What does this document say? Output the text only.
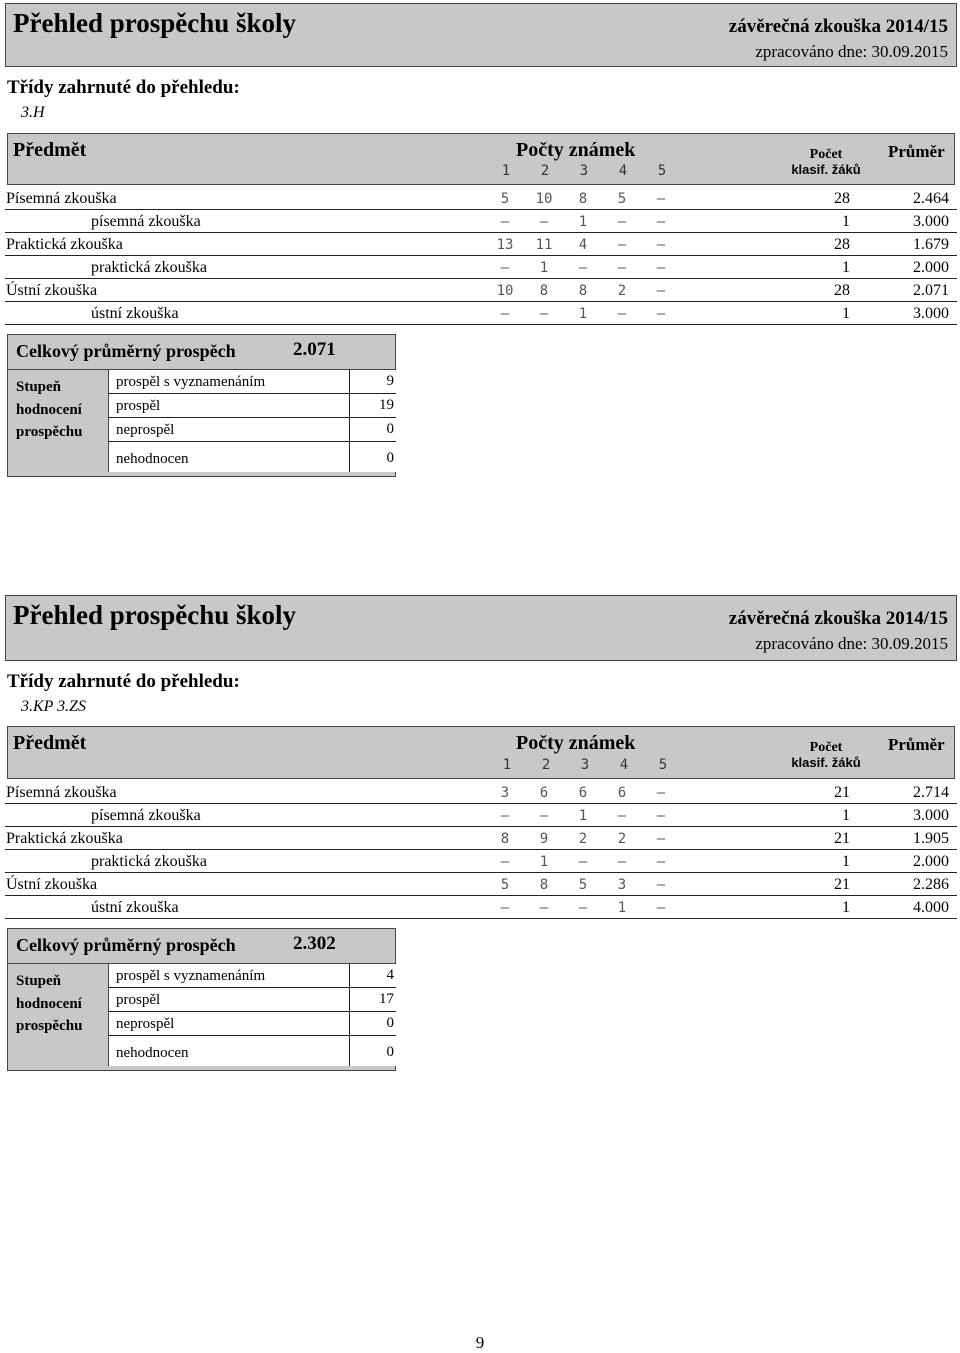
Přehled prospěchu školy	závěrečná zkouška 2014/15
zpracováno dne: 30.09.2015
Třídy zahrnuté do přehledu:
3.H
Předmět	Počty známek
1	2	3	4	5
Počet
klasif. žáků
Průměr
Písemná zkouška	5	10	8	5	–	28	2.464
písemná zkouška	–	–	1	–	–	1	3.000
Praktická zkouška	13	11	4	–	–	28	1.679
praktická zkouška	–	1	–	–	–	1	2.000
Ústní zkouška	10	8	8	2	–	28	2.071
ústní zkouška	–	–	1	–	–	1	3.000
Celkový průměrný prospěch	2.071
Stupeň
hodnocení
prospěchu
prospěl s vyznamenáním	9
prospěl	19
neprospěl	0
nehodnocen	0
Přehled prospěchu školy	závěrečná zkouška 2014/15
zpracováno dne: 30.09.2015
Třídy zahrnuté do přehledu:
3.KP 3.ZS
Předmět	Počty známek
1	2	3	4	5
Počet
klasif. žáků
Průměr
Písemná zkouška	3	6	6	6	–	21	2.714
písemná zkouška	–	–	1	–	–	1	3.000
Praktická zkouška	8	9	2	2	–	21	1.905
praktická zkouška	–	1	–	–	–	1	2.000
Ústní zkouška	5	8	5	3	–	21	2.286
ústní zkouška	–	–	–	1	–	1	4.000
Celkový průměrný prospěch	2.302
Stupeň
hodnocení
prospěchu
prospěl s vyznamenáním	4
prospěl	17
neprospěl	0
nehodnocen	0
9
